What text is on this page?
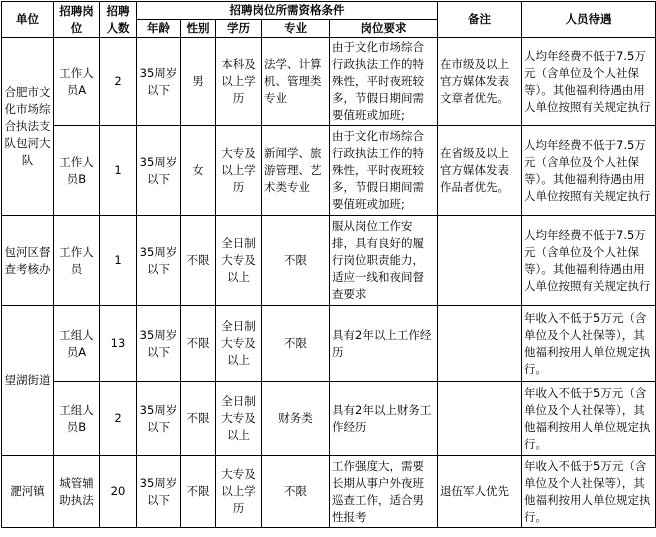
单位	招聘岗位	招聘人数	招聘岗位所需资格条件					备注	人员待遇
			年龄	性别	学历	专业	岗位要求		
合肥市文化市场综合执法支队包河大队	工作人员A	2	35周岁以下	男	本科及以上学历	法学、计算机、管理类专业	由于文化市场综合行政执法工作的特殊性，平时夜班较多，节假日期间需要值班或加班;	在市级及以上官方媒体发表文章者优先。	人均年经费不低于7.5万元（含单位及个人社保等）。其他福利待遇由用人单位按照有关规定执行
	工作人员B	1	35周岁以下	女	大专及以上学历	新闻学、旅游管理、艺术类专业	由于文化市场综合行政执法工作的特殊性，平时夜班较多，节假日期间需要值班或加班;	在省级及以上官方媒体发表作品者优先。	人均年经费不低于7.5万元（含单位及个人社保等）。其他福利待遇由用人单位按照有关规定执行
包河区督查考核办	工作人员	1	35周岁以下	不限	全日制大专及以上	不限	服从岗位工作安排，具有良好的履行岗位职责能力，适应一线和夜间督查要求		人均年经费不低于7.5万元（含单位及个人社保等）。其他福利待遇由用人单位按照有关规定执行
望湖街道	工组人员A	13	35周岁以下	不限	全日制大专及以上	不限	具有2年以上工作经历		年收入不低于5万元（含单位及个人社保等），其他福利按用人单位规定执行。
	工组人员B	2	35周岁以下	不限	全日制大专及以上	财务类	具有2年以上财务工作经历		年收入不低于5万元（含单位及个人社保等），其他福利按用人单位规定执行。
淝河镇	城管辅助执法	20	35周岁以下	不限	大专及以上学历	不限	工作强度大，需要长期从事户外夜班巡查工作，适合男性报考	退伍军人优先	年收入不低于5万元（含单位及个人社保等），其他福利按用人单位规定执行。
